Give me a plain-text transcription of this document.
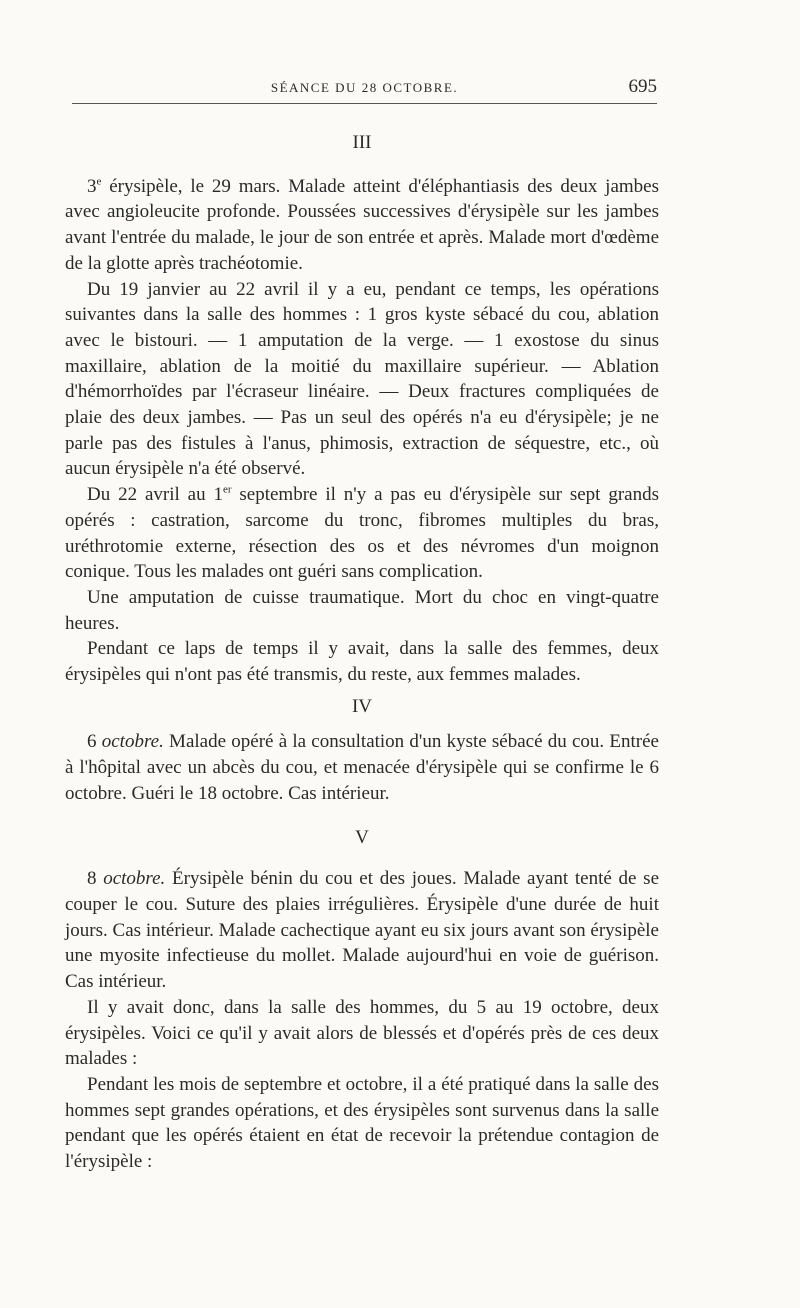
SÉANCE DU 28 OCTOBRE.	695
III

3e érysipèle, le 29 mars. Malade atteint d'éléphantiasis des deux jambes avec angioleucite profonde. Poussées successives d'érysipèle sur les jambes avant l'entrée du malade, le jour de son entrée et après. Malade mort d'œdème de la glotte après trachéotomie.

Du 19 janvier au 22 avril il y a eu, pendant ce temps, les opérations suivantes dans la salle des hommes : 1 gros kyste sébacé du cou, ablation avec le bistouri. — 1 amputation de la verge. — 1 exostose du sinus maxillaire, ablation de la moitié du maxillaire supérieur. — Ablation d'hémorrhoïdes par l'écraseur linéaire. — Deux fractures compliquées de plaie des deux jambes. — Pas un seul des opérés n'a eu d'érysipèle; je ne parle pas des fistules à l'anus, phimosis, extraction de séquestre, etc., où aucun érysipèle n'a été observé.

Du 22 avril au 1er septembre il n'y a pas eu d'érysipèle sur sept grands opérés : castration, sarcome du tronc, fibromes multiples du bras, uréthrotomie externe, résection des os et des névromes d'un moignon conique. Tous les malades ont guéri sans complication.

Une amputation de cuisse traumatique. Mort du choc en vingt-quatre heures.

Pendant ce laps de temps il y avait, dans la salle des femmes, deux érysipèles qui n'ont pas été transmis, du reste, aux femmes malades.

IV

6 octobre. Malade opéré à la consultation d'un kyste sébacé du cou. Entrée à l'hôpital avec un abcès du cou, et menacée d'érysipèle qui se confirme le 6 octobre. Guéri le 18 octobre. Cas intérieur.

V

8 octobre. Érysipèle bénin du cou et des joues. Malade ayant tenté de se couper le cou. Suture des plaies irrégulières. Érysipèle d'une durée de huit jours. Cas intérieur. Malade cachectique ayant eu six jours avant son érysipèle une myosite infectieuse du mollet. Malade aujourd'hui en voie de guérison. Cas intérieur.

Il y avait donc, dans la salle des hommes, du 5 au 19 octobre, deux érysipèles. Voici ce qu'il y avait alors de blessés et d'opérés près de ces deux malades :

Pendant les mois de septembre et octobre, il a été pratiqué dans la salle des hommes sept grandes opérations, et des érysipèles sont survenus dans la salle pendant que les opérés étaient en état de recevoir la prétendue contagion de l'érysipèle :
